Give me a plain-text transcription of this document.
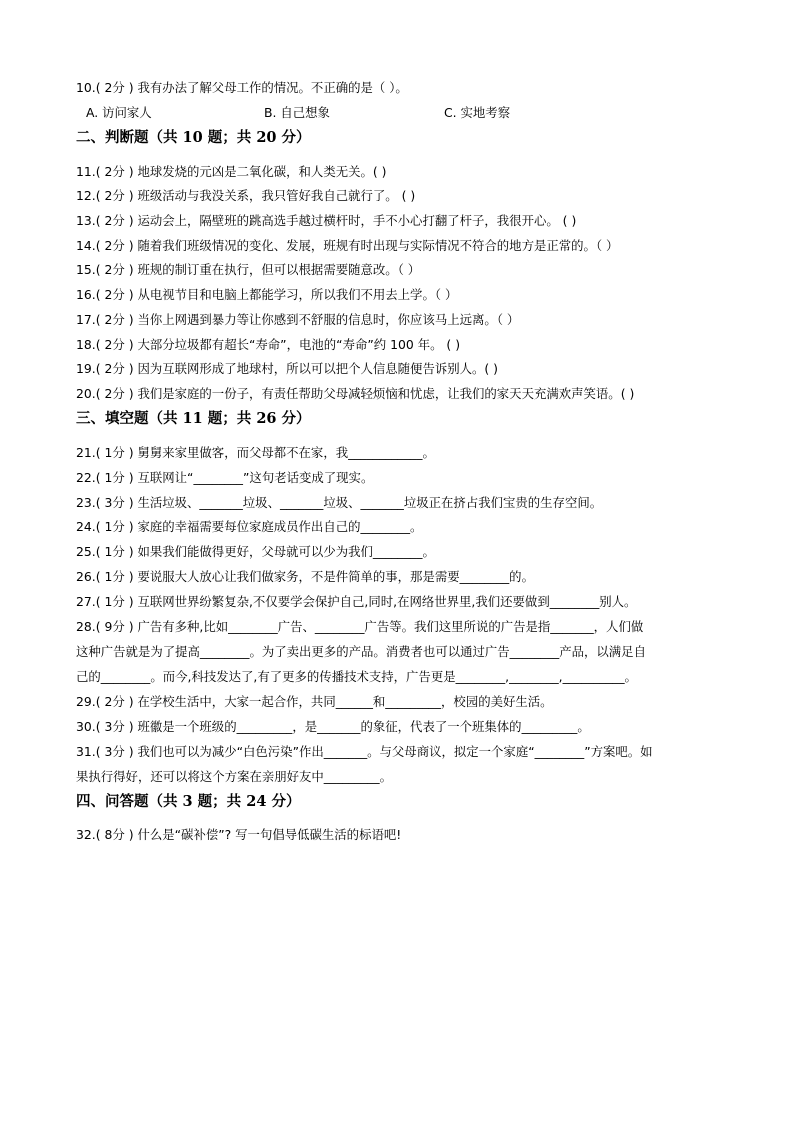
10.( 2分 ) 我有办法了解父母工作的情况。不正确的是（ ）。
A. 访问家人	B. 自己想象	C. 实地考察
二、判断题（共 10 题；共 20 分）
11.( 2分 ) 地球发烧的元凶是二氧化碳，和人类无关。( )
12.( 2分 ) 班级活动与我没关系，我只管好我自己就行了。 ( )
13.( 2分 ) 运动会上，隔壁班的跳高选手越过横杆时，手不小心打翻了杆子，我很开心。 ( )
14.( 2分 ) 随着我们班级情况的变化、发展，班规有时出现与实际情况不符合的地方是正常的。（ ）
15.( 2分 ) 班规的制订重在执行，但可以根据需要随意改。（ ）
16.( 2分 ) 从电视节目和电脑上都能学习，所以我们不用去上学。（ ）
17.( 2分 ) 当你上网遇到暴力等让你感到不舒服的信息时，你应该马上远离。（ ）
18.( 2分 ) 大部分垃圾都有超长“寿命”，电池的“寿命”约 100 年。 ( )
19.( 2分 ) 因为互联网形成了地球村，所以可以把个人信息随便告诉别人。( )
20.( 2分 ) 我们是家庭的一份子，有责任帮助父母减轻烦恼和忧虑，让我们的家天天充满欢声笑语。( )
三、填空题（共 11 题；共 26 分）
21.( 1分 ) 舅舅来家里做客，而父母都不在家，我____________。
22.( 1分 ) 互联网让“________”这句老话变成了现实。
23.( 3分 ) 生活垃圾、_______垃圾、_______垃圾、_______垃圾正在挤占我们宝贵的生存空间。
24.( 1分 ) 家庭的幸福需要每位家庭成员作出自己的________。
25.( 1分 ) 如果我们能做得更好，父母就可以少为我们________。
26.( 1分 ) 要说服大人放心让我们做家务，不是件简单的事，那是需要________的。
27.( 1分 ) 互联网世界纷繁复杂,不仅要学会保护自己,同时,在网络世界里,我们还要做到________别人。
28.( 9分 ) 广告有多种,比如________广告、________广告等。我们这里所说的广告是指_______，人们做
这种广告就是为了提高________。为了卖出更多的产品。消费者也可以通过广告________产品，以满足自
己的________。而今,科技发达了,有了更多的传播技术支持，广告更是________,________,__________。
29.( 2分 ) 在学校生活中，大家一起合作，共同______和_________，校园的美好生活。
30.( 3分 ) 班徽是一个班级的_________，是_______的象征，代表了一个班集体的_________。
31.( 3分 ) 我们也可以为减少“白色污染”作出_______。与父母商议，拟定一个家庭“________”方案吧。如
果执行得好，还可以将这个方案在亲朋好友中_________。
四、问答题（共 3 题；共 24 分）
32.( 8分 ) 什么是“碳补偿”? 写一句倡导低碳生活的标语吧!
